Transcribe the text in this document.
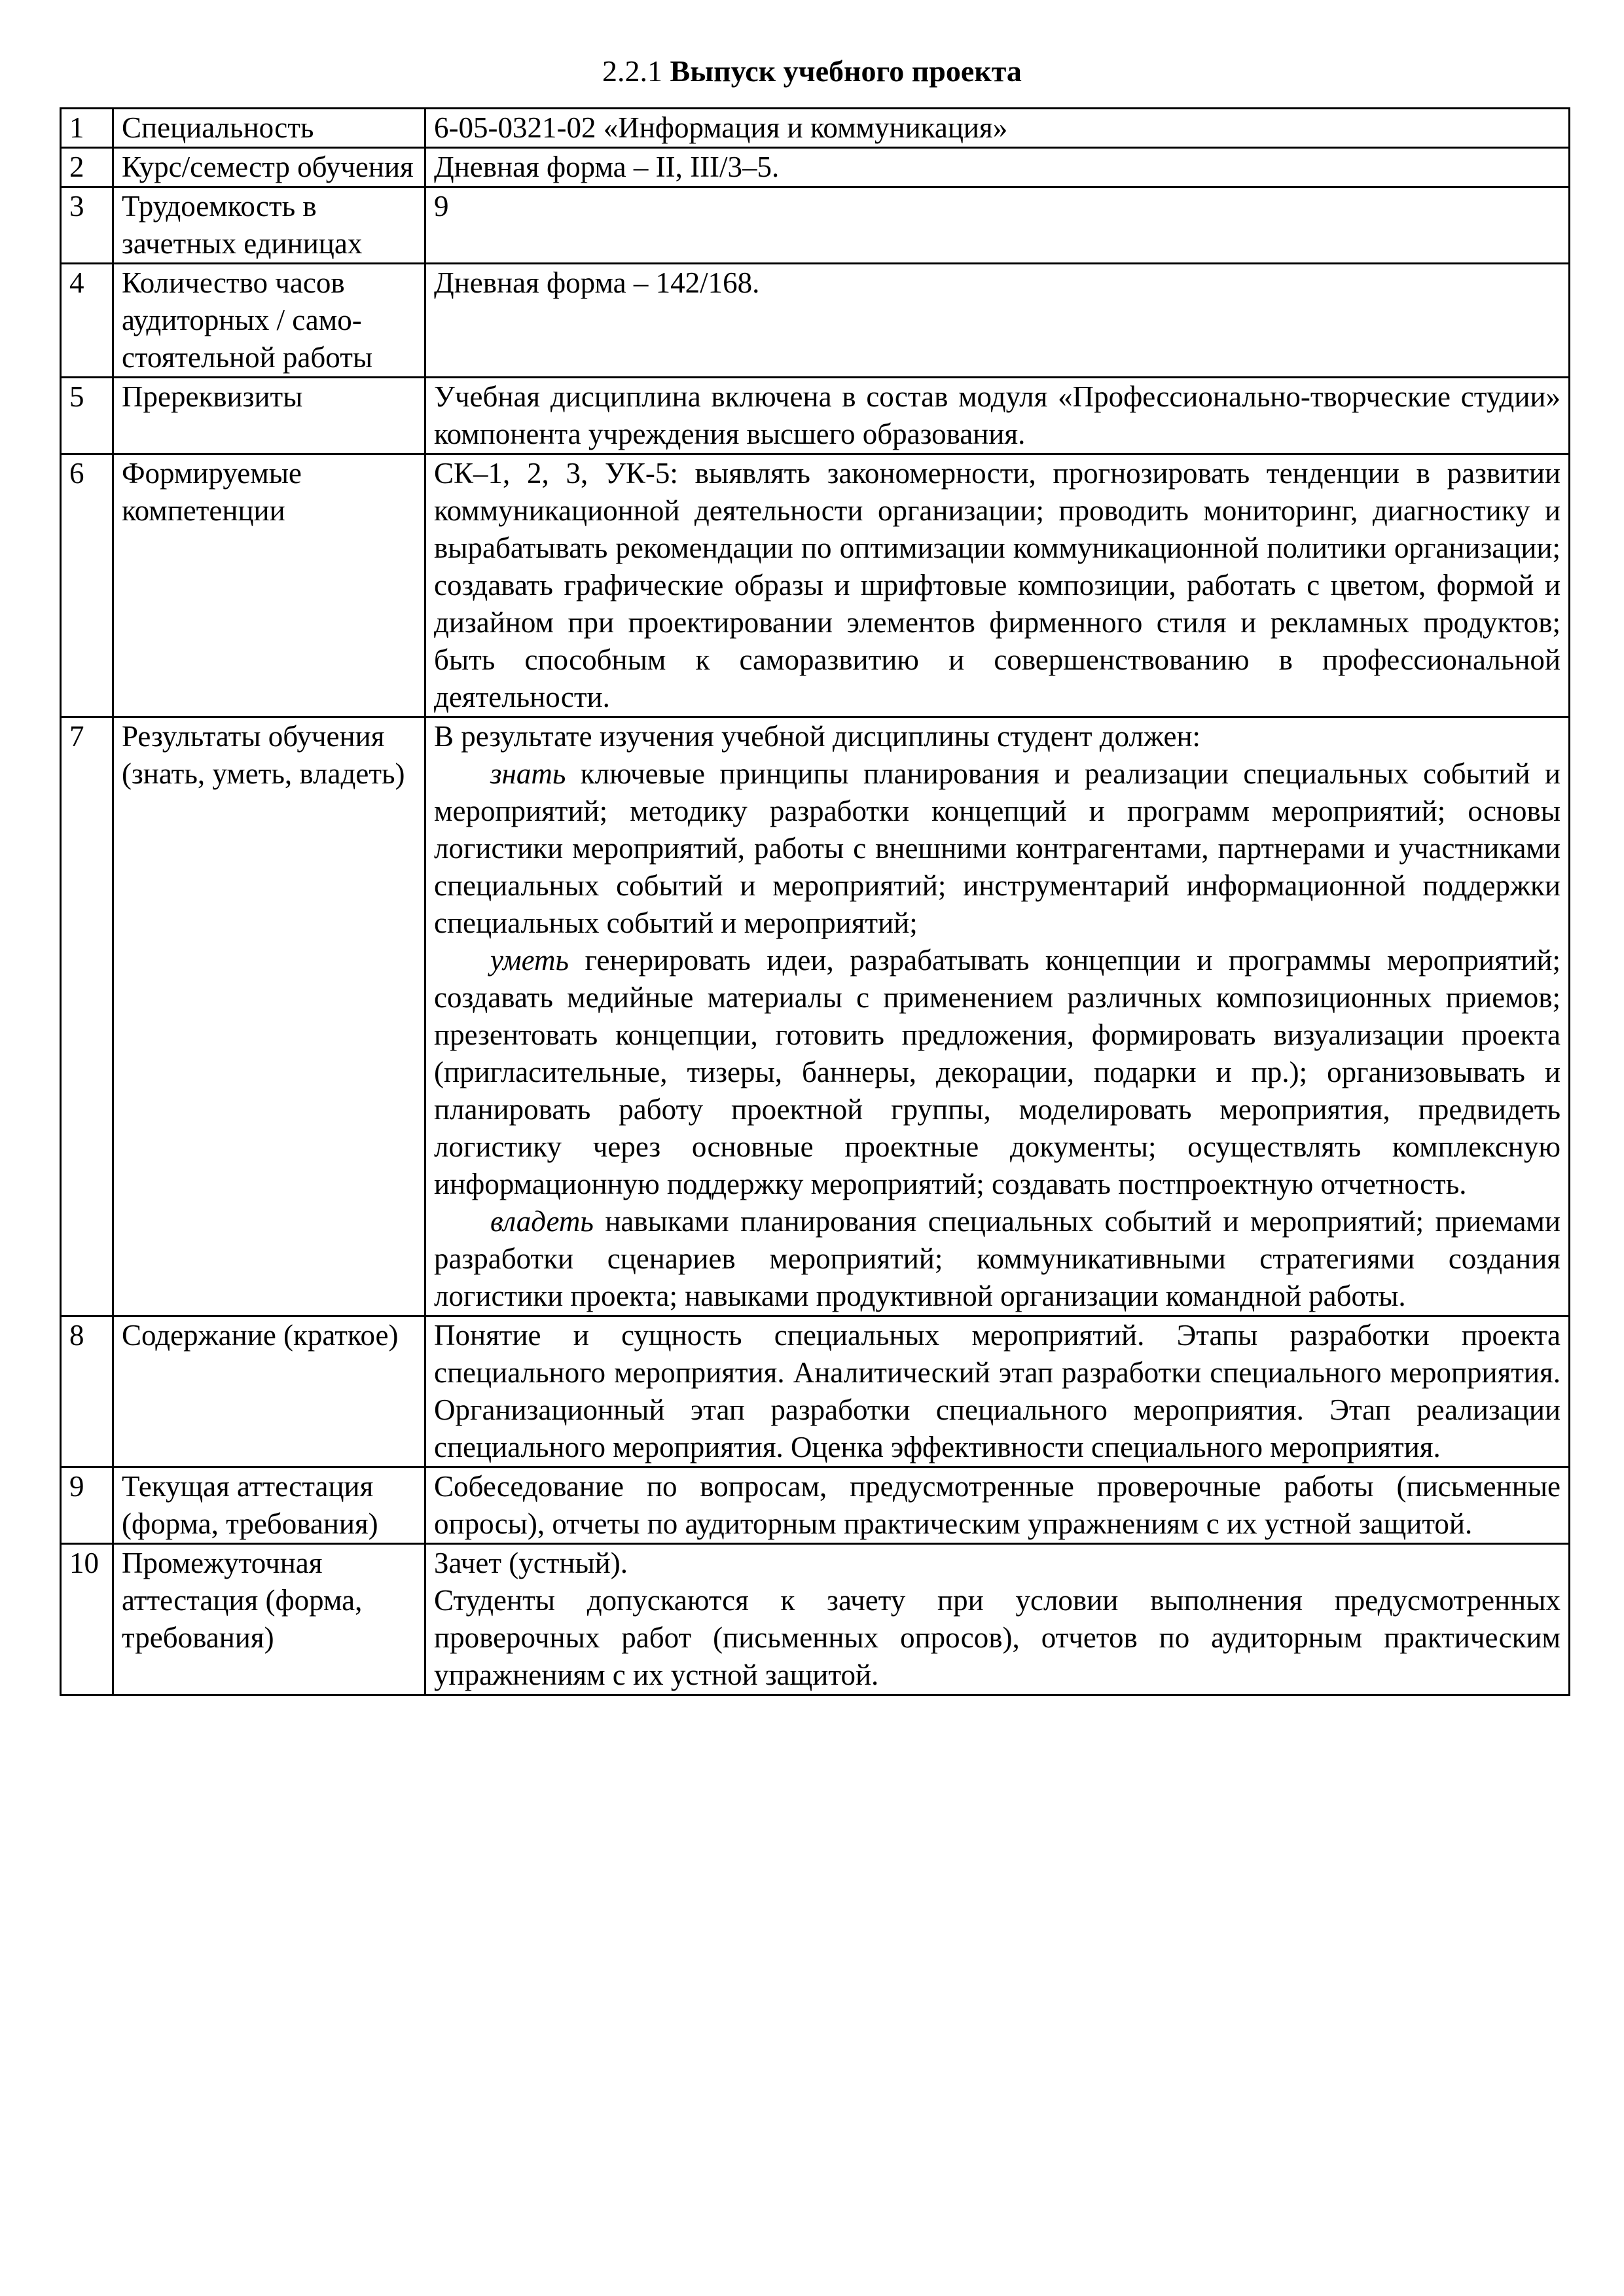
2.2.1 Выпуск учебного проекта
1	Специальность	6-05-0321-02 «Информация и коммуникация»
2	Курс/семестр обучения	Дневная форма – II, III/3–5.
3	Трудоемкость в зачетных единицах	9
4	Количество часов аудиторных / само-стоятельной работы	Дневная форма – 142/168.
5	Пререквизиты	Учебная дисциплина включена в состав модуля «Профессионально-творческие студии» компонента учреждения высшего образования.
6	Формируемые компетенции	СК–1, 2, 3, УК-5: выявлять закономерности, прогнозировать тенденции в развитии коммуникационной деятельности организации; проводить мониторинг, диагностику и вырабатывать рекомендации по оптимизации коммуникационной политики организации; создавать графические образы и шрифтовые композиции, работать с цветом, формой и дизайном при проектировании элементов фирменного стиля и рекламных продуктов; быть способным к саморазвитию и совершенствованию в профессиональной деятельности.
7	Результаты обучения (знать, уметь, владеть)	В результате изучения учебной дисциплины студент должен:
знать ключевые принципы планирования и реализации специальных событий и мероприятий; методику разработки концепций и программ мероприятий; основы логистики мероприятий, работы с внешними контрагентами, партнерами и участниками специальных событий и мероприятий; инструментарий информационной поддержки специальных событий и мероприятий;
уметь генерировать идеи, разрабатывать концепции и программы мероприятий; создавать медийные материалы с применением различных композиционных приемов; презентовать концепции, готовить предложения, формировать визуализации проекта (пригласительные, тизеры, баннеры, декорации, подарки и пр.); организовывать и планировать работу проектной группы, моделировать мероприятия, предвидеть логистику через основные проектные документы; осуществлять комплексную информационную поддержку мероприятий; создавать постпроектную отчетность.
владеть навыками планирования специальных событий и мероприятий; приемами разработки сценариев мероприятий; коммуникативными стратегиями создания логистики проекта; навыками продуктивной организации командной работы.

8	Содержание (краткое)	Понятие и сущность специальных мероприятий. Этапы разработки проекта специального мероприятия. Аналитический этап разработки специального мероприятия. Организационный этап разработки специального мероприятия. Этап реализации специального мероприятия. Оценка эффективности специального мероприятия.
9	Текущая аттестация (форма, требования)	Собеседование по вопросам, предусмотренные проверочные работы (письменные опросы), отчеты по аудиторным практическим упражнениям с их устной защитой.
10	Промежуточная аттестация (форма, требования)	Зачет (устный).
Студенты допускаются к зачету при условии выполнения предусмотренных проверочных работ (письменных опросов), отчетов по аудиторным практическим упражнениям с их устной защитой.
